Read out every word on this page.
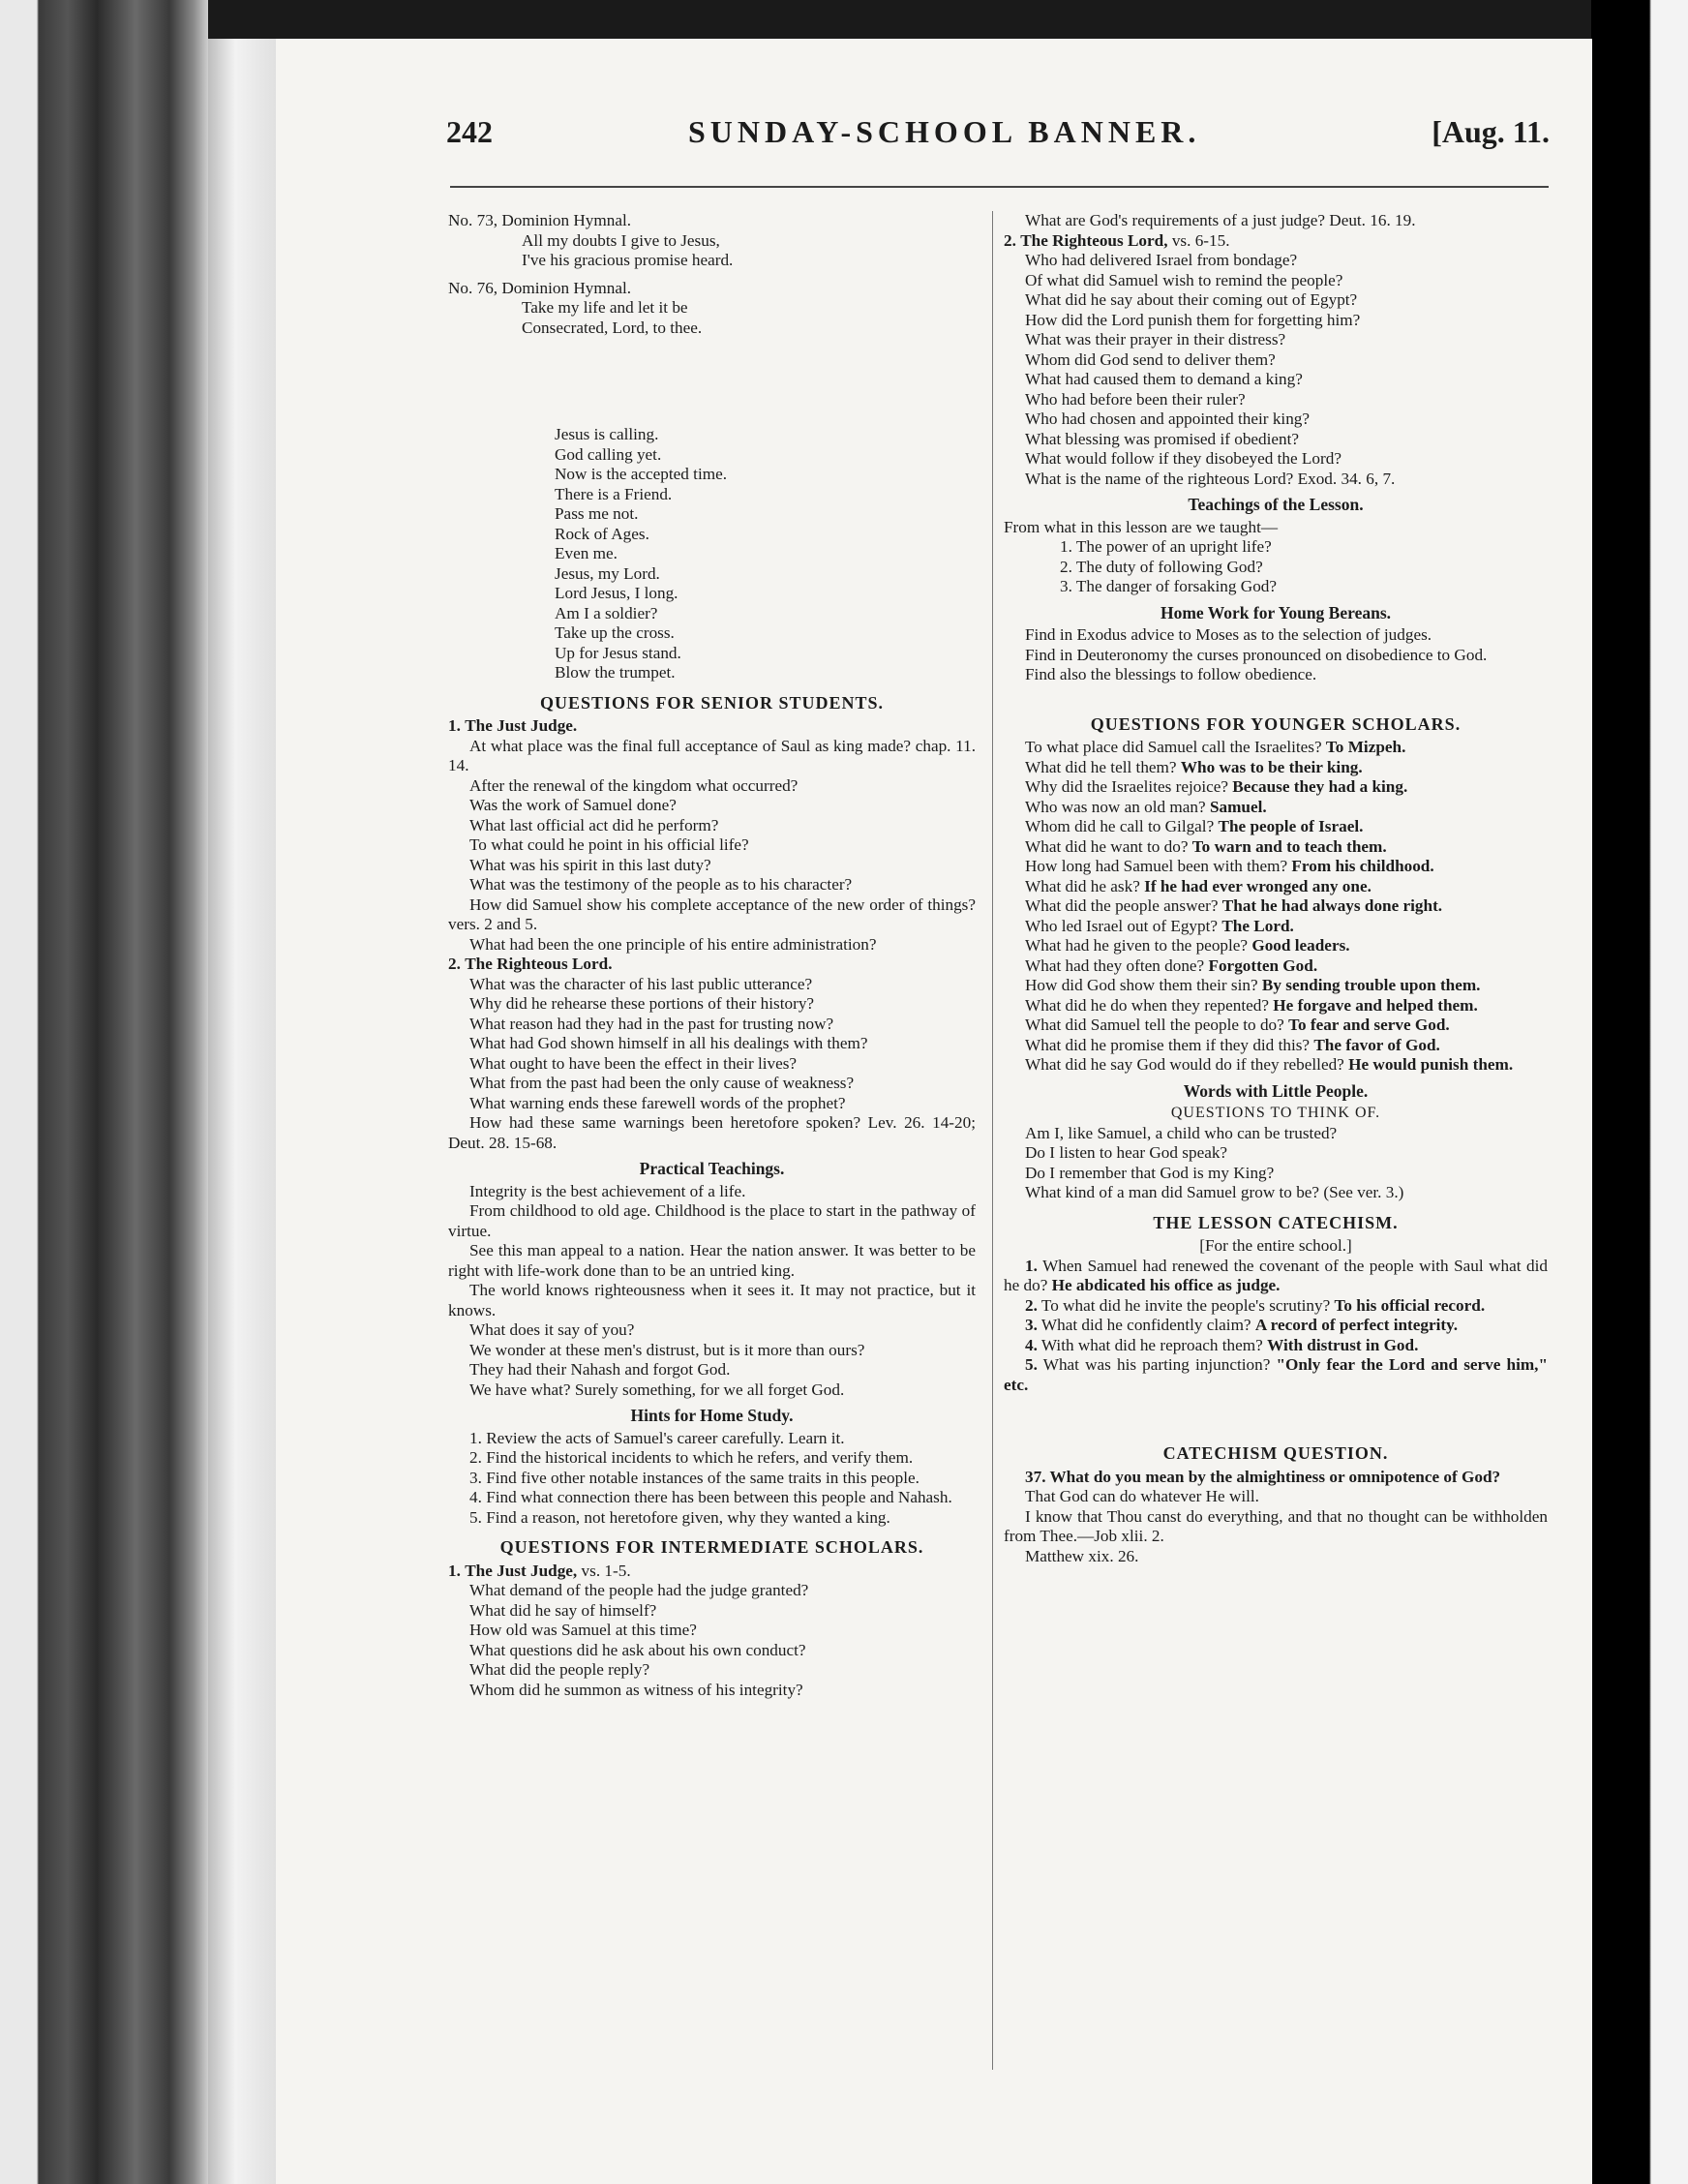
242	SUNDAY-SCHOOL BANNER.	[Aug. 11.

No. 73, Dominion Hymnal.

All my doubts I give to Jesus,

I've his gracious promise heard.

No. 76, Dominion Hymnal.

Take my life and let it be

Consecrated, Lord, to thee.

Jesus is calling.

God calling yet.

Now is the accepted time.

There is a Friend.

Pass me not.

Rock of Ages.

Even me.

Jesus, my Lord.

Lord Jesus, I long.

Am I a soldier?

Take up the cross.

Up for Jesus stand.

Blow the trumpet.

QUESTIONS FOR SENIOR STUDENTS.

1. The Just Judge.

At what place was the final full acceptance of Saul as king made? chap. 11. 14.

After the renewal of the kingdom what occurred?

Was the work of Samuel done?

What last official act did he perform?

To what could he point in his official life?

What was his spirit in this last duty?

What was the testimony of the people as to his character?

How did Samuel show his complete acceptance of the new order of things? vers. 2 and 5.

What had been the one principle of his entire administration?

2. The Righteous Lord.

What was the character of his last public utterance?

Why did he rehearse these portions of their history?

What reason had they had in the past for trusting now?

What had God shown himself in all his dealings with them?

What ought to have been the effect in their lives?

What from the past had been the only cause of weakness?

What warning ends these farewell words of the prophet?

How had these same warnings been heretofore spoken? Lev. 26. 14-20; Deut. 28. 15-68.

Practical Teachings.

Integrity is the best achievement of a life.

From childhood to old age. Childhood is the place to start in the pathway of virtue.

See this man appeal to a nation. Hear the nation answer. It was better to be right with life-work done than to be an untried king.

The world knows righteousness when it sees it. It may not practice, but it knows.

What does it say of you?

We wonder at these men's distrust, but is it more than ours?

They had their Nahash and forgot God.

We have what? Surely something, for we all forget God.

Hints for Home Study.

1. Review the acts of Samuel's career carefully. Learn it.

2. Find the historical incidents to which he refers, and verify them.

3. Find five other notable instances of the same traits in this people.

4. Find what connection there has been between this people and Nahash.

5. Find a reason, not heretofore given, why they wanted a king.

QUESTIONS FOR INTERMEDIATE SCHOLARS.

1. The Just Judge, vs. 1-5.

What demand of the people had the judge granted?

What did he say of himself?

How old was Samuel at this time?

What questions did he ask about his own conduct?

What did the people reply?

Whom did he summon as witness of his integrity?

What are God's requirements of a just judge? Deut. 16. 19.

2. The Righteous Lord, vs. 6-15.

Who had delivered Israel from bondage?

Of what did Samuel wish to remind the people?

What did he say about their coming out of Egypt?

How did the Lord punish them for forgetting him?

What was their prayer in their distress?

Whom did God send to deliver them?

What had caused them to demand a king?

Who had before been their ruler?

Who had chosen and appointed their king?

What blessing was promised if obedient?

What would follow if they disobeyed the Lord?

What is the name of the righteous Lord? Exod. 34. 6, 7.

Teachings of the Lesson.

From what in this lesson are we taught—

1. The power of an upright life?

2. The duty of following God?

3. The danger of forsaking God?

Home Work for Young Bereans.

Find in Exodus advice to Moses as to the selection of judges.

Find in Deuteronomy the curses pronounced on disobedience to God.

Find also the blessings to follow obedience.

QUESTIONS FOR YOUNGER SCHOLARS.

To what place did Samuel call the Israelites? To Mizpeh.

What did he tell them? Who was to be their king.

Why did the Israelites rejoice? Because they had a king.

Who was now an old man? Samuel.

Whom did he call to Gilgal? The people of Israel.

What did he want to do? To warn and to teach them.

How long had Samuel been with them? From his childhood.

What did he ask? If he had ever wronged any one.

What did the people answer? That he had always done right.

Who led Israel out of Egypt? The Lord.

What had he given to the people? Good leaders.

What had they often done? Forgotten God.

How did God show them their sin? By sending trouble upon them.

What did he do when they repented? He forgave and helped them.

What did Samuel tell the people to do? To fear and serve God.

What did he promise them if they did this? The favor of God.

What did he say God would do if they rebelled? He would punish them.

Words with Little People.
QUESTIONS TO THINK OF.

Am I, like Samuel, a child who can be trusted?

Do I listen to hear God speak?

Do I remember that God is my King?

What kind of a man did Samuel grow to be? (See ver. 3.)

THE LESSON CATECHISM.
[For the entire school.]

1. When Samuel had renewed the covenant of the people with Saul what did he do? He abdicated his office as judge.

2. To what did he invite the people's scrutiny? To his official record.

3. What did he confidently claim? A record of perfect integrity.

4. With what did he reproach them? With distrust in God.

5. What was his parting injunction? "Only fear the Lord and serve him," etc.

CATECHISM QUESTION.

37. What do you mean by the almightiness or omnipotence of God?

That God can do whatever He will.

I know that Thou canst do everything, and that no thought can be withholden from Thee.—Job xlii. 2.

Matthew xix. 26.
